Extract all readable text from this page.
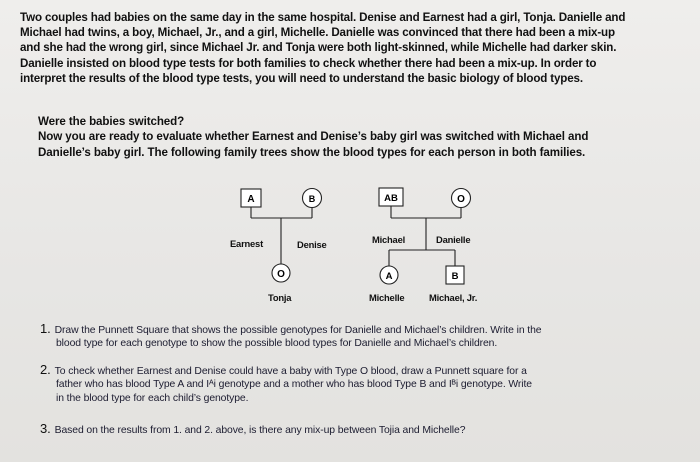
Two couples had babies on the same day in the same hospital. Denise and Earnest had a girl, Tonja. Danielle and
Michael had twins, a boy, Michael, Jr., and a girl, Michelle. Danielle was convinced that there had been a mix-up
and she had the wrong girl, since Michael Jr. and Tonja were both light-skinned, while Michelle had darker skin.
Danielle insisted on blood type tests for both families to check whether there had been a mix-up. In order to
interpret the results of the blood type tests, you will need to understand the basic biology of blood types.
Were the babies switched?
Now you are ready to evaluate whether Earnest and Denise’s baby girl was switched with Michael and
Danielle’s baby girl. The following family trees show the blood types for each person in both families.
A	B
O
AB	O
A	B
Earnest	Denise	Michael	Danielle
Tonja	Michelle	Michael, Jr.
1. Draw the Punnett Square that shows the possible genotypes for Danielle and Michael’s children. Write in the
blood type for each genotype to show the possible blood types for Danielle and Michael’s children.
2. To check whether Earnest and Denise could have a baby with Type O blood, draw a Punnett square for a
father who has blood Type A and Iᴬi genotype and a mother who has blood Type B and Iᴮi genotype. Write
in the blood type for each child’s genotype.
3. Based on the results from 1. and 2. above, is there any mix-up between Tojia and Michelle?
